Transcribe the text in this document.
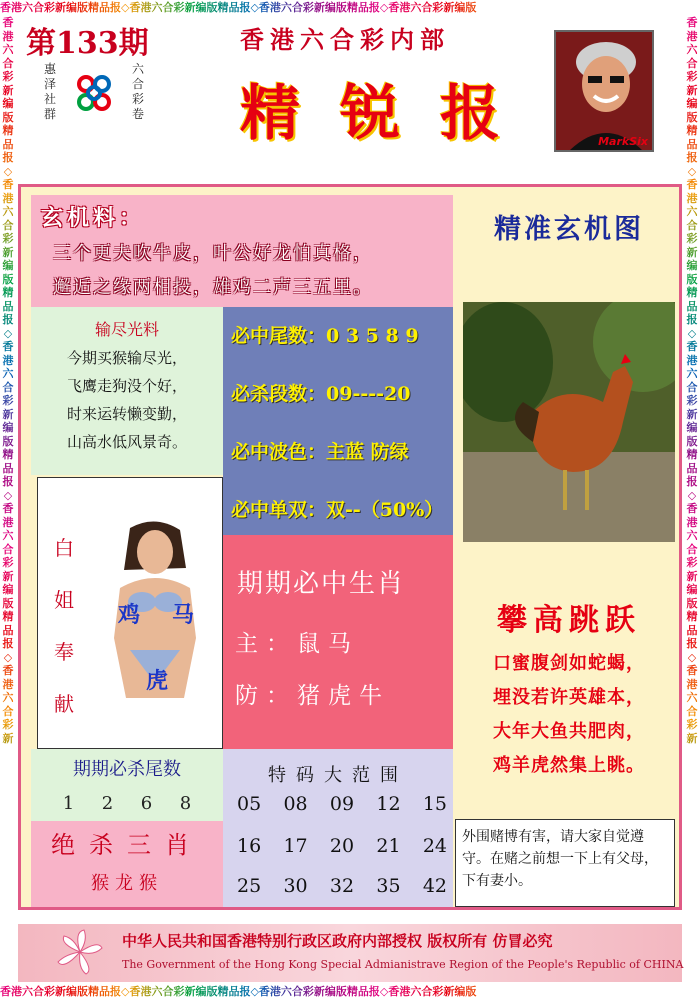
香港六合彩新编版精品报◇香港六合彩新编版精品报◇香港六合彩新编版精品报◇香港六合彩新编版
香港六合彩新编版精品报◇香港六合彩新编版精品报◇香港六合彩新编版精品报◇香港六合彩新编版
香港六合彩新编版精品报◇香港六合彩新编版精品报◇香港六合彩新编版精品报◇香港六合彩新编版精品报◇香港六合彩新
香港六合彩新编版精品报◇香港六合彩新编版精品报◇香港六合彩新编版精品报◇香港六合彩新编版精品报◇香港六合彩新
第133期
惠泽社群
六合彩卷
香港六合彩内部
精锐报	MarkSix
玄机料：
三个更夫吹牛皮，叶公好龙怕真格，
邂逅之缘两相投，雄鸡二声三五里。
输尽光料
今期买猴输尽光，
飞鹰走狗没个好，
时来运转懒变勤，
山高水低风景奇。
必中尾数：0 3 5 8 9
必杀段数：09----20
必中波色：主蓝 防绿
必中单双：双--（50%）
白
姐
奉
献
鸡 马
虎
期期必中生肖
主：鼠马
防：猪虎牛
期期必杀尾数
1 2 6 8
绝杀三肖
猴龙猴
特码大范围
05 08 09 12 15
16 17 20 21 24
25 30 32 35 42
精准玄机图
攀高跳跃
口蜜腹剑如蛇蝎，
埋没若许英雄本，
大年大鱼共肥肉，
鸡羊虎然集上眺。
外围赌博有害，请大家自觉遵守。在赌之前想一下上有父母，下有妻小。
中华人民共和国香港特别行政区政府内部授权 版权所有 仿冒必究
The Government of the Hong Kong Special Admianistrave Region of the People's Republic of CHINA
